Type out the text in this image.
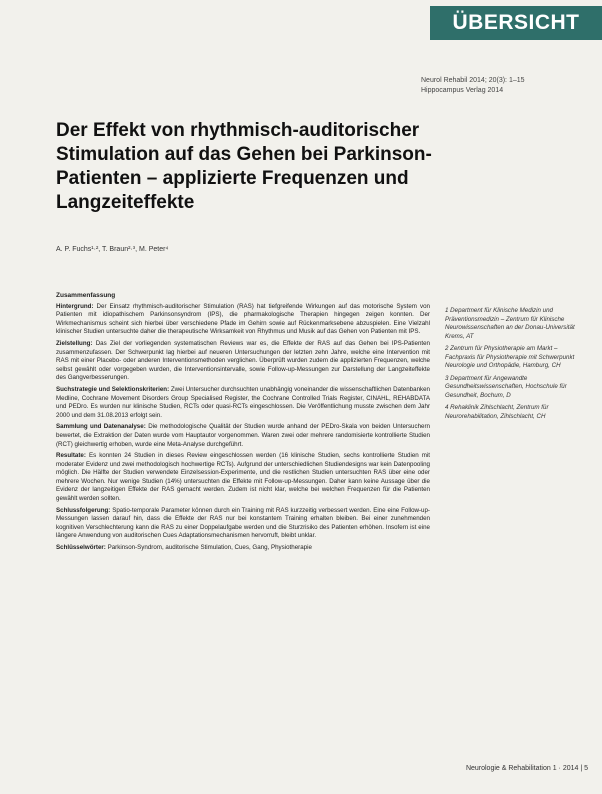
ÜBERSICHT
Neurol Rehabil 2014; 20(3): 1–15
Hippocampus Verlag 2014
Der Effekt von rhythmisch-auditorischer Stimulation auf das Gehen bei Parkinson-Patienten – applizierte Frequenzen und Langzeiteffekte
A. P. Fuchs¹·², T. Braun²·³, M. Peter⁴
Zusammenfassung

Hintergrund: Der Einsatz rhythmisch-auditorischer Stimulation (RAS) hat tiefgreifende Wirkungen auf das motorische System von Patienten mit idiopathischem Parkinsonsyndrom (IPS), die pharmakologische Therapien hingegen zeigen konnten. Der Wirkmechanismus scheint sich hierbei über verschiedene Pfade im Gehirn sowie auf Rückenmarksebene abzuspielen. Eine Vielzahl klinischer Studien untersuchte daher die therapeutische Wirksamkeit von Rhythmus und Musik auf das Gehen von Patienten mit IPS.

Zielstellung: Das Ziel der vorliegenden systematischen Reviews war es, die Effekte der RAS auf das Gehen bei IPS-Patienten zusammenzufassen. Der Schwerpunkt lag hierbei auf neueren Untersuchungen der letzten zehn Jahre, welche eine Intervention mit RAS mit einer Placebo- oder anderen Interventionsmethoden verglichen. Überprüft wurden zudem die applizierten Frequenzen, welche selbst gewählt oder vorgegeben wurden, die Interventionsintervalle, sowie Follow-up-Messungen zur Darstellung der Langzeiteffekte des Gangverbesserungen.

Suchstrategie und Selektionskriterien: Zwei Untersucher durchsuchten unabhängig voneinander die wissenschaftlichen Datenbanken Medline, Cochrane Movement Disorders Group Specialised Register, the Cochrane Controlled Trials Register, CINAHL, REHABDATA und PEDro. Es wurden nur klinische Studien, RCTs oder quasi-RCTs eingeschlossen. Die Veröffentlichung musste zwischen dem Jahr 2000 und dem 31.08.2013 erfolgt sein.

Sammlung und Datenanalyse: Die methodologische Qualität der Studien wurde anhand der PEDro-Skala von beiden Untersuchern bewertet, die Extraktion der Daten wurde vom Hauptautor vorgenommen. Waren zwei oder mehrere randomisierte kontrollierte Studien (RCT) gleichwertig erhoben, wurde eine Meta-Analyse durchgeführt.

Resultate: Es konnten 24 Studien in dieses Review eingeschlossen werden (16 klinische Studien, sechs kontrollierte Studien mit moderater Evidenz und zwei methodologisch hochwertige RCTs). Aufgrund der unterschiedlichen Studiendesigns war kein Datenpooling möglich. Die Hälfte der Studien verwendete Einzelsession-Experimente, und die restlichen Studien untersuchten RAS über eine oder mehrere Wochen. Nur wenige Studien (14%) untersuchten die Effekte mit Follow-up-Messungen. Daher kann keine Aussage über die Evidenz der langzeitigen Effekte der RAS gemacht werden. Zudem ist nicht klar, welche bei welchen Frequenzen für die Patienten gewählt werden sollten.

Schlussfolgerung: Spatio-temporale Parameter können durch ein Training mit RAS kurzzeitig verbessert werden. Eine eine Follow-up-Messungen lassen darauf hin, dass die Effekte der RAS nur bei konstantem Training erhalten bleiben. Bei einer zunehmenden kognitiven Verschlechterung kann die RAS zu einer Doppelaufgabe werden und die Sturzrisiko des Patienten erhöhen. Insofern ist eine längere Anwendung von auditorischen Cues Adaptationsmechanismen hervorruft, bleibt unklar.

Schlüsselwörter: Parkinson-Syndrom, auditorische Stimulation, Cues, Gang, Physiotherapie

1 Department für Klinische Medizin und Präventionsmedizin – Zentrum für Klinische Neurowissenschaften an der Donau-Universität Krems, AT
2 Zentrum für Physiotherapie am Markt – Fachpraxis für Physiotherapie mit Schwerpunkt Neurologie und Orthopädie, Hamburg, CH
3 Department für Angewandte Gesundheitswissenschaften, Hochschule für Gesundheit, Bochum, D
4 Rehaklinik Zihlschlacht, Zentrum für Neurorehabilitation, Zihlschlacht, CH
Neurologie & Rehabilitation 1 · 2014 | 5
